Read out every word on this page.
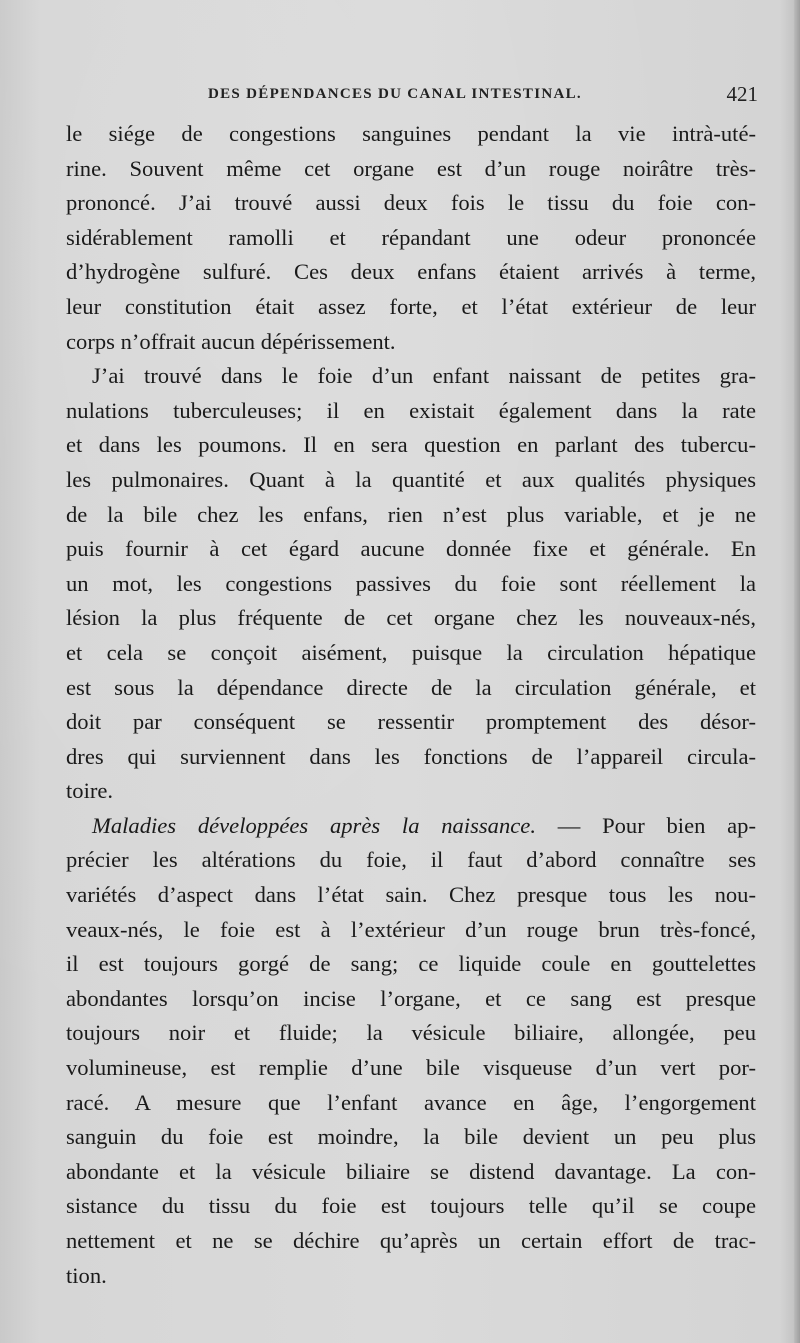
DES DÉPENDANCES DU CANAL INTESTINAL.	421
le siége de congestions sanguines pendant la vie intrà-uté-
rine. Souvent même cet organe est d’un rouge noirâtre très-
prononcé. J’ai trouvé aussi deux fois le tissu du foie con-
sidérablement ramolli et répandant une odeur prononcée
d’hydrogène sulfuré. Ces deux enfans étaient arrivés à terme,
leur constitution était assez forte, et l’état extérieur de leur
corps n’offrait aucun dépérissement.
J’ai trouvé dans le foie d’un enfant naissant de petites gra-
nulations tuberculeuses; il en existait également dans la rate
et dans les poumons. Il en sera question en parlant des tubercu-
les pulmonaires. Quant à la quantité et aux qualités physiques
de la bile chez les enfans, rien n’est plus variable, et je ne
puis fournir à cet égard aucune donnée fixe et générale. En
un mot, les congestions passives du foie sont réellement la
lésion la plus fréquente de cet organe chez les nouveaux-nés,
et cela se conçoit aisément, puisque la circulation hépatique
est sous la dépendance directe de la circulation générale, et
doit par conséquent se ressentir promptement des désor-
dres qui surviennent dans les fonctions de l’appareil circula-
toire.
Maladies développées après la naissance. — Pour bien ap-
précier les altérations du foie, il faut d’abord connaître ses
variétés d’aspect dans l’état sain. Chez presque tous les nou-
veaux-nés, le foie est à l’extérieur d’un rouge brun très-foncé,
il est toujours gorgé de sang; ce liquide coule en gouttelettes
abondantes lorsqu’on incise l’organe, et ce sang est presque
toujours noir et fluide; la vésicule biliaire, allongée, peu
volumineuse, est remplie d’une bile visqueuse d’un vert por-
racé. A mesure que l’enfant avance en âge, l’engorgement
sanguin du foie est moindre, la bile devient un peu plus
abondante et la vésicule biliaire se distend davantage. La con-
sistance du tissu du foie est toujours telle qu’il se coupe
nettement et ne se déchire qu’après un certain effort de trac-
tion.
